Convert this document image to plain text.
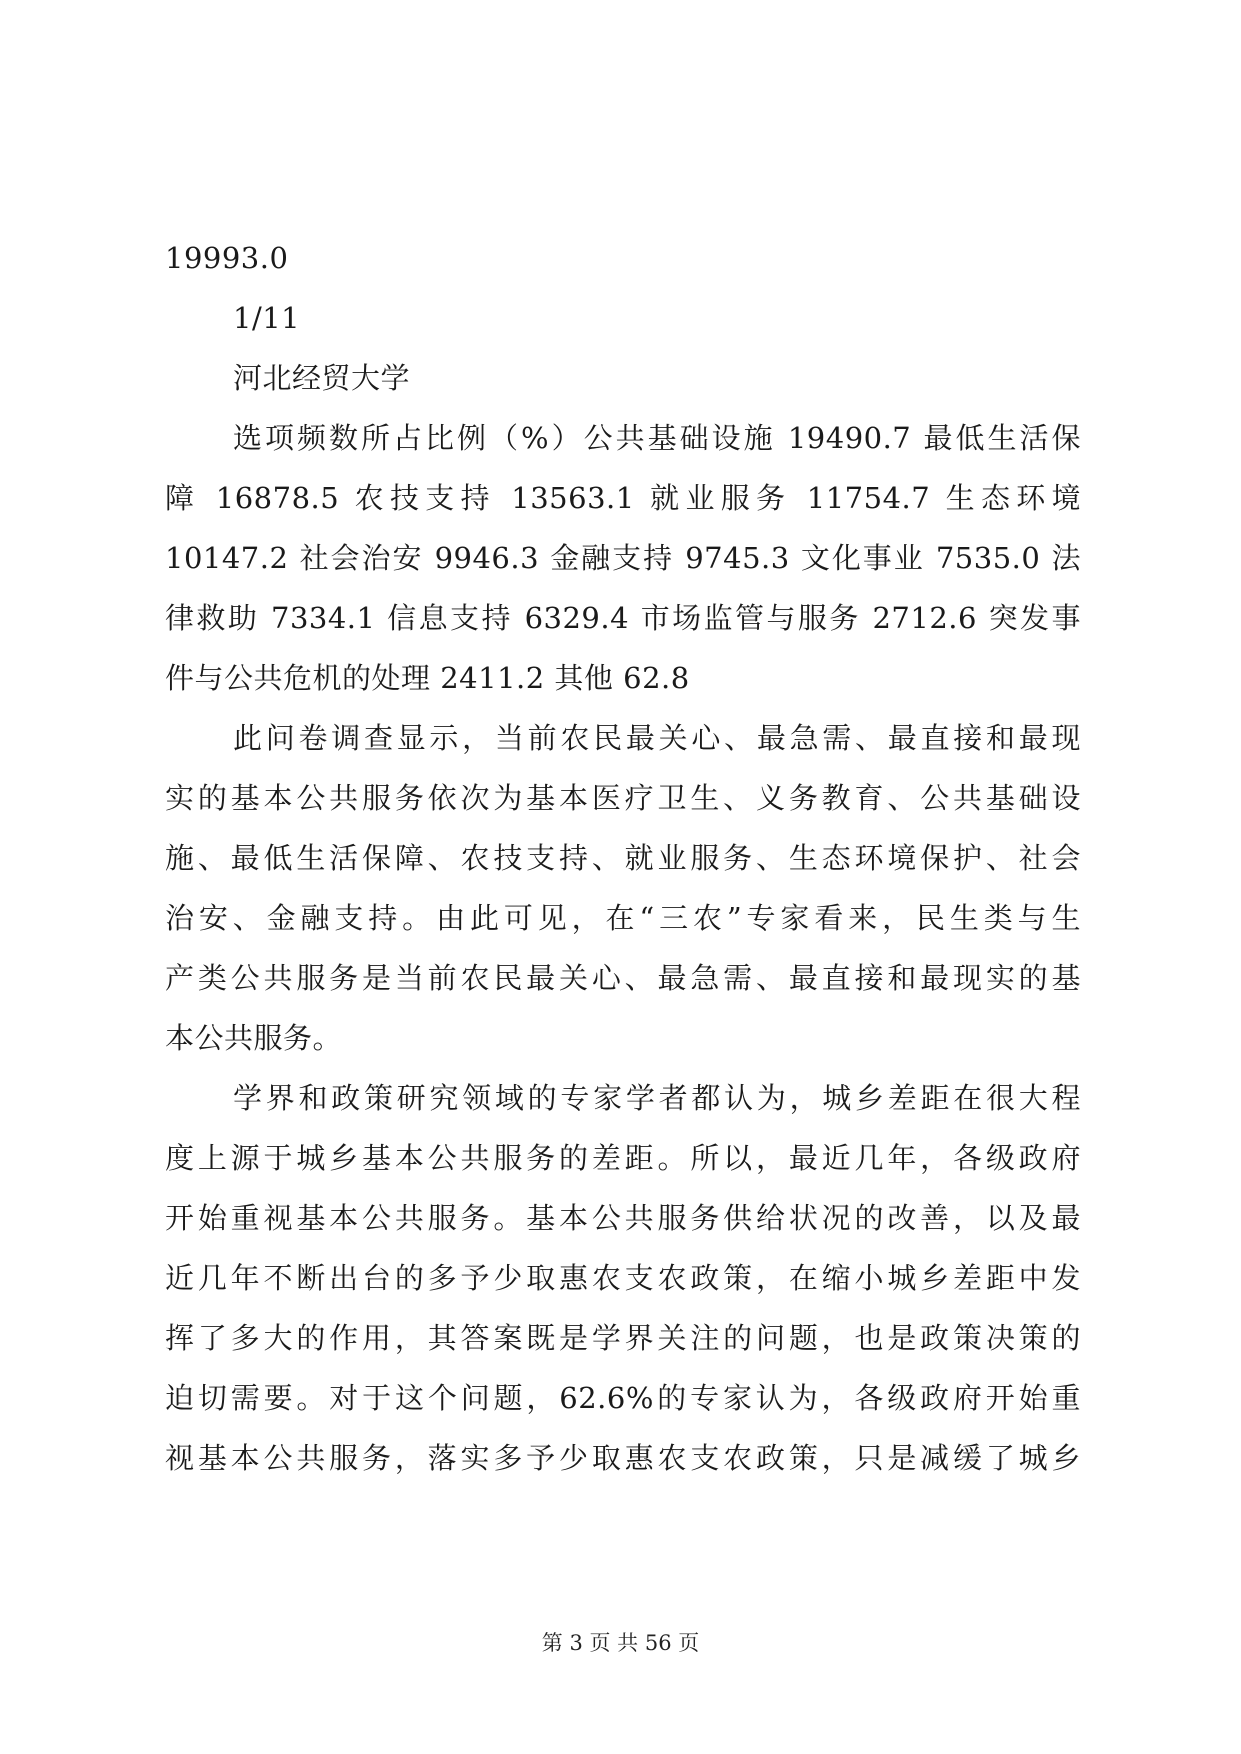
19993.0
1/11
河北经贸大学
选项频数所占比例（%）公共基础设施 19490.7 最低生活保
障 16878.5 农技支持 13563.1 就业服务 11754.7 生态环境
10147.2 社会治安 9946.3 金融支持 9745.3 文化事业 7535.0 法
律救助 7334.1 信息支持 6329.4 市场监管与服务 2712.6 突发事
件与公共危机的处理 2411.2 其他 62.8
此问卷调查显示，当前农民最关心、最急需、最直接和最现
实的基本公共服务依次为基本医疗卫生、义务教育、公共基础设
施、最低生活保障、农技支持、就业服务、生态环境保护、社会
治安、金融支持。由此可见，在“三农”专家看来，民生类与生
产类公共服务是当前农民最关心、最急需、最直接和最现实的基
本公共服务。
学界和政策研究领域的专家学者都认为，城乡差距在很大程
度上源于城乡基本公共服务的差距。所以，最近几年，各级政府
开始重视基本公共服务。基本公共服务供给状况的改善，以及最
近几年不断出台的多予少取惠农支农政策，在缩小城乡差距中发
挥了多大的作用，其答案既是学界关注的问题，也是政策决策的
迫切需要。对于这个问题，62.6%的专家认为，各级政府开始重
视基本公共服务，落实多予少取惠农支农政策，只是减缓了城乡
第 3 页 共 56 页
